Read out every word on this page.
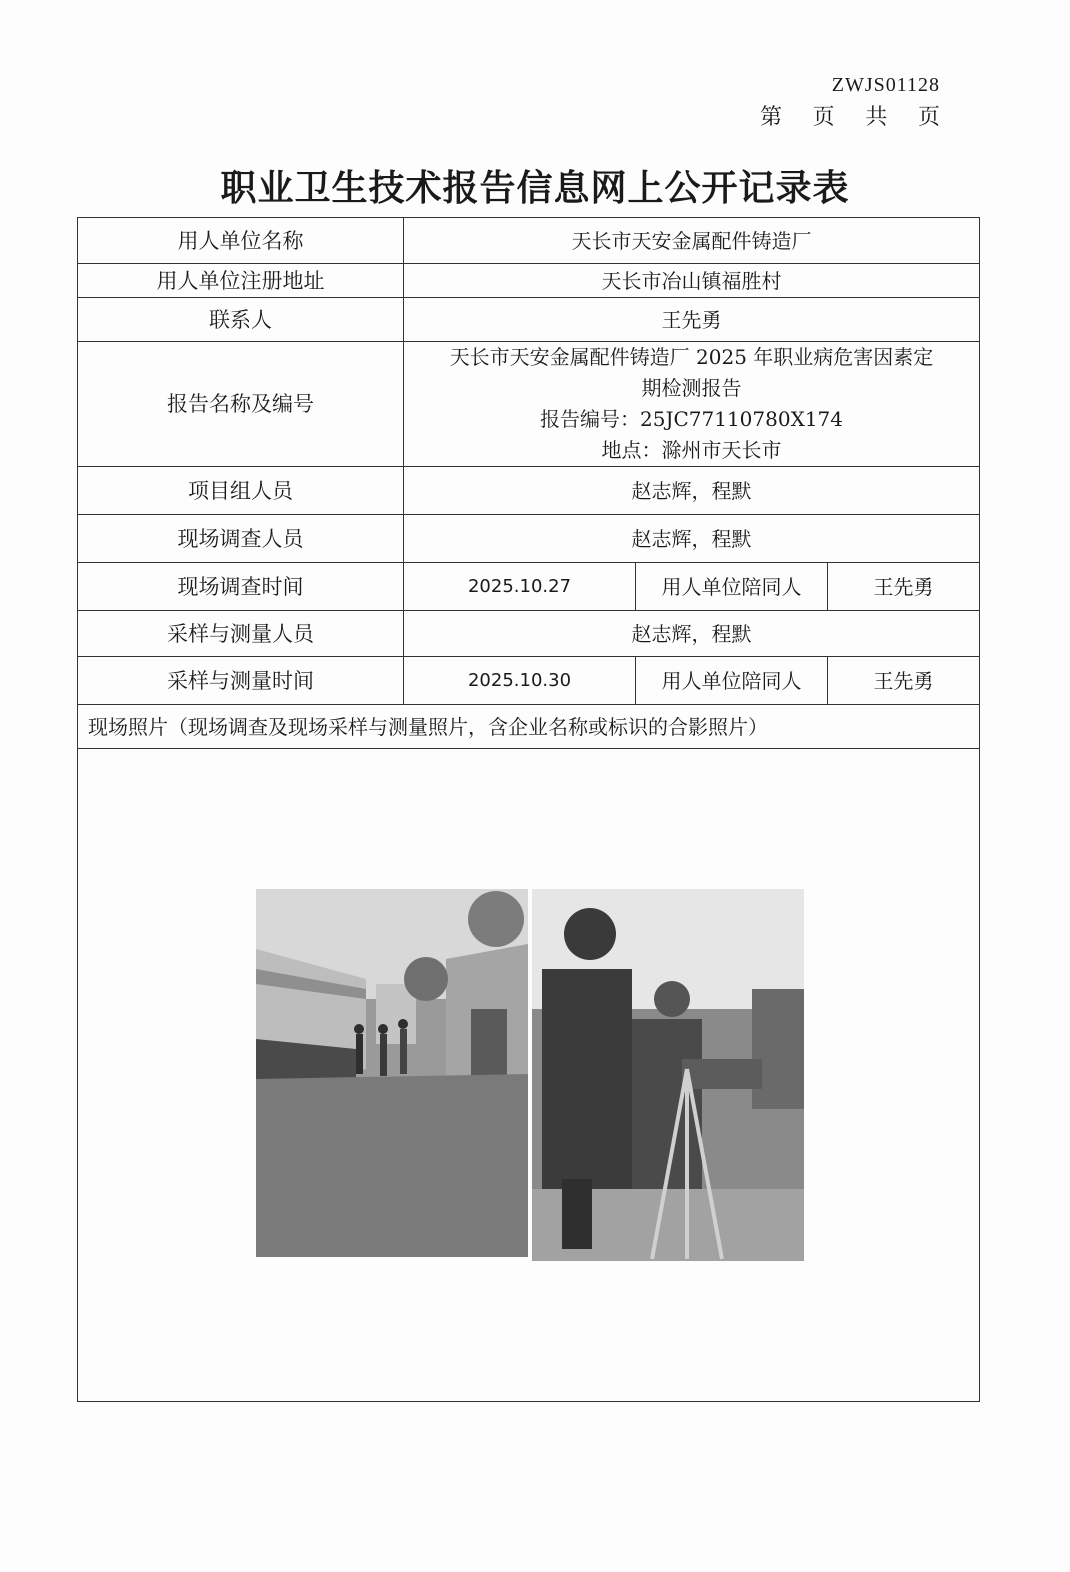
ZWJS01128
第 页 共 页
职业卫生技术报告信息网上公开记录表
用人单位名称	天长市天安金属配件铸造厂		
用人单位注册地址	天长市冶山镇福胜村		
联系人	王先勇		
报告名称及编号	天长市天安金属配件铸造厂 2025 年职业病危害因素定
期检测报告
报告编号：25JC77110780X174
地点：滁州市天长市		

项目组人员	赵志辉，程默		
现场调查人员	赵志辉，程默		
现场调查时间	2025.10.27	用人单位陪同人	王先勇
采样与测量人员	赵志辉，程默		
采样与测量时间	2025.10.30	用人单位陪同人	王先勇
现场照片（现场调查及现场采样与测量照片，含企业名称或标识的合影照片）			
